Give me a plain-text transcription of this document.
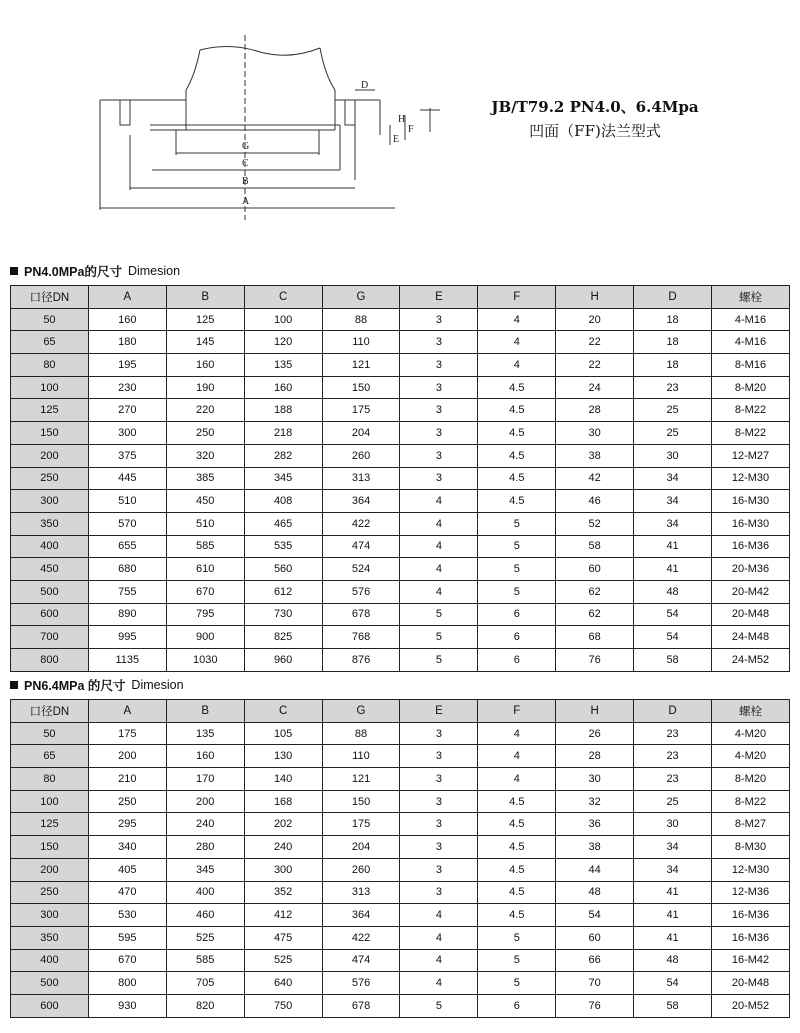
G
C
B
A
D
E
F
H
JB/T79.2 PN4.0、6.4Mpa
凹面（FF)法兰型式
PN4.0MPa的尺寸 Dimesion
口径DN	A	B	C	G	E	F	H	D	螺栓
50	160	125	100	88	3	4	20	18	4-M16
65	180	145	120	110	3	4	22	18	4-M16
80	195	160	135	121	3	4	22	18	8-M16
100	230	190	160	150	3	4.5	24	23	8-M20
125	270	220	188	175	3	4.5	28	25	8-M22
150	300	250	218	204	3	4.5	30	25	8-M22
200	375	320	282	260	3	4.5	38	30	12-M27
250	445	385	345	313	3	4.5	42	34	12-M30
300	510	450	408	364	4	4.5	46	34	16-M30
350	570	510	465	422	4	5	52	34	16-M30
400	655	585	535	474	4	5	58	41	16-M36
450	680	610	560	524	4	5	60	41	20-M36
500	755	670	612	576	4	5	62	48	20-M42
600	890	795	730	678	5	6	62	54	20-M48
700	995	900	825	768	5	6	68	54	24-M48
800	1135	1030	960	876	5	6	76	58	24-M52
PN6.4MPa 的尺寸 Dimesion
口径DN	A	B	C	G	E	F	H	D	螺栓
50	175	135	105	88	3	4	26	23	4-M20
65	200	160	130	110	3	4	28	23	4-M20
80	210	170	140	121	3	4	30	23	8-M20
100	250	200	168	150	3	4.5	32	25	8-M22
125	295	240	202	175	3	4.5	36	30	8-M27
150	340	280	240	204	3	4.5	38	34	8-M30
200	405	345	300	260	3	4.5	44	34	12-M30
250	470	400	352	313	3	4.5	48	41	12-M36
300	530	460	412	364	4	4.5	54	41	16-M36
350	595	525	475	422	4	5	60	41	16-M36
400	670	585	525	474	4	5	66	48	16-M42
500	800	705	640	576	4	5	70	54	20-M48
600	930	820	750	678	5	6	76	58	20-M52
